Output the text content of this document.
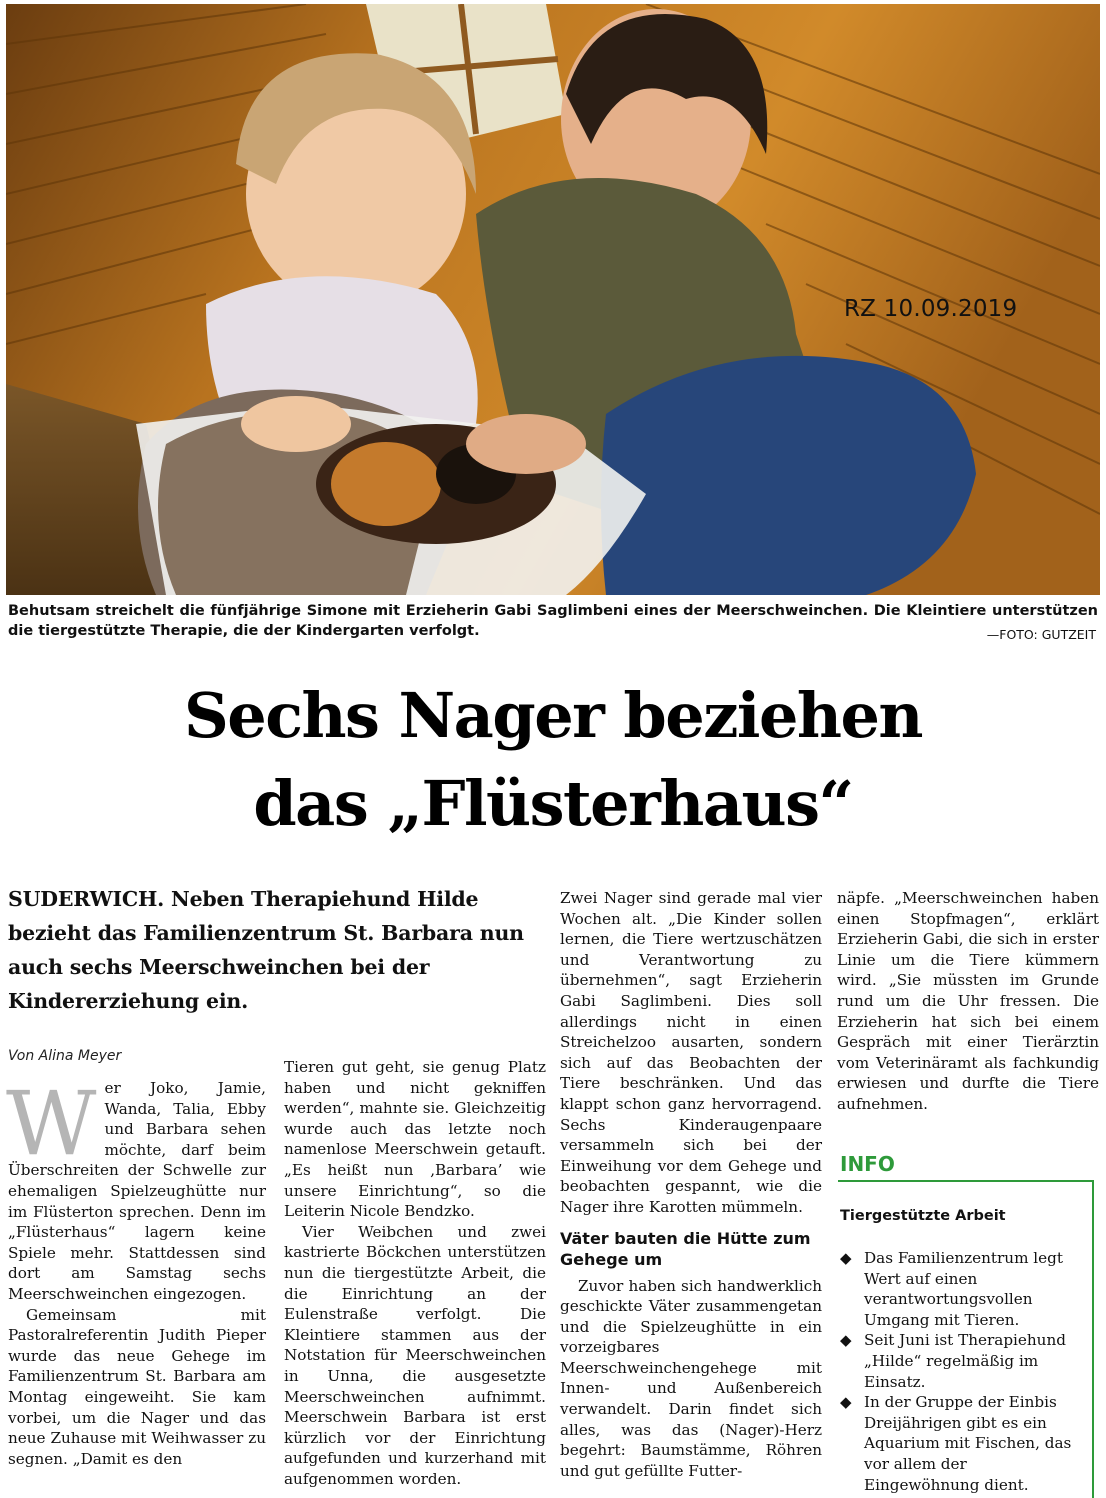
RZ 10.09.2019
Behutsam streichelt die fünfjährige Simone mit Erzieherin Gabi Saglimbeni eines der Meerschweinchen. Die Kleintiere unterstützen die tiergestützte Therapie, die der Kindergarten verfolgt.	—FOTO: GUTZEIT
Sechs Nager beziehen
das „Flüsterhaus“
SUDERWICH. Neben Therapiehund Hilde bezieht das Familienzentrum St. Barbara nun auch sechs Meerschweinchen bei der Kindererziehung ein.
Von Alina Meyer

Wer Joko, Jamie, Wanda, Talia, Ebby und Barbara sehen möchte, darf beim Überschreiten der Schwelle zur ehemaligen Spielzeughütte nur im Flüsterton sprechen. Denn im „Flüsterhaus“ lagern keine Spiele mehr. Stattdessen sind dort am Samstag sechs Meerschweinchen eingezogen.

Gemeinsam mit Pastoralreferentin Judith Pieper wurde das neue Gehege im Familienzentrum St. Barbara am Montag eingeweiht. Sie kam vorbei, um die Nager und das neue Zuhause mit Weihwasser zu segnen. „Damit es den

Tieren gut geht, sie genug Platz haben und nicht gekniffen werden“, mahnte sie. Gleichzeitig wurde auch das letzte noch namenlose Meerschwein getauft. „Es heißt nun ‚Barbara’ wie unsere Einrichtung“, so die Leiterin Nicole Bendzko.

Vier Weibchen und zwei kastrierte Böckchen unterstützen nun die tiergestützte Arbeit, die die Einrichtung an der Eulenstraße verfolgt. Die Kleintiere stammen aus der Notstation für Meerschweinchen in Unna, die ausgesetzte Meerschweinchen aufnimmt. Meerschwein Barbara ist erst kürzlich vor der Einrichtung aufgefunden und kurzerhand mit aufgenommen worden.

Zwei Nager sind gerade mal vier Wochen alt. „Die Kinder sollen lernen, die Tiere wertzuschätzen und Verantwortung zu übernehmen“, sagt Erzieherin Gabi Saglimbeni. Dies soll allerdings nicht in einen Streichelzoo ausarten, sondern sich auf das Beobachten der Tiere beschränken. Und das klappt schon ganz hervorragend. Sechs Kinderaugenpaare versammeln sich bei der Einweihung vor dem Gehege und beobachten gespannt, wie die Nager ihre Karotten mümmeln.

Väter bauten die Hütte zum Gehege um

Zuvor haben sich handwerklich geschickte Väter zusammengetan und die Spielzeughütte in ein vorzeigbares Meerschweinchengehege mit Innen- und Außenbereich verwandelt. Darin findet sich alles, was das (Nager)-Herz begehrt: Baumstämme, Röhren und gut gefüllte Futter-

näpfe. „Meerschweinchen haben einen Stopfmagen“, erklärt Erzieherin Gabi, die sich in erster Linie um die Tiere kümmern wird. „Sie müssten im Grunde rund um die Uhr fressen. Die Erzieherin hat sich bei einem Gespräch mit einer Tierärztin vom Veterinäramt als fachkundig erwiesen und durfte die Tiere aufnehmen.

INFO
Tiergestützte Arbeit
◆ Das Familienzentrum legt Wert auf einen verantwortungsvollen Umgang mit Tieren.
◆ Seit Juni ist Therapiehund „Hilde“ regelmäßig im Einsatz.
◆ In der Gruppe der Einbis Dreijährigen gibt es ein Aquarium mit Fischen, das vor allem der Eingewöhnung dient.
